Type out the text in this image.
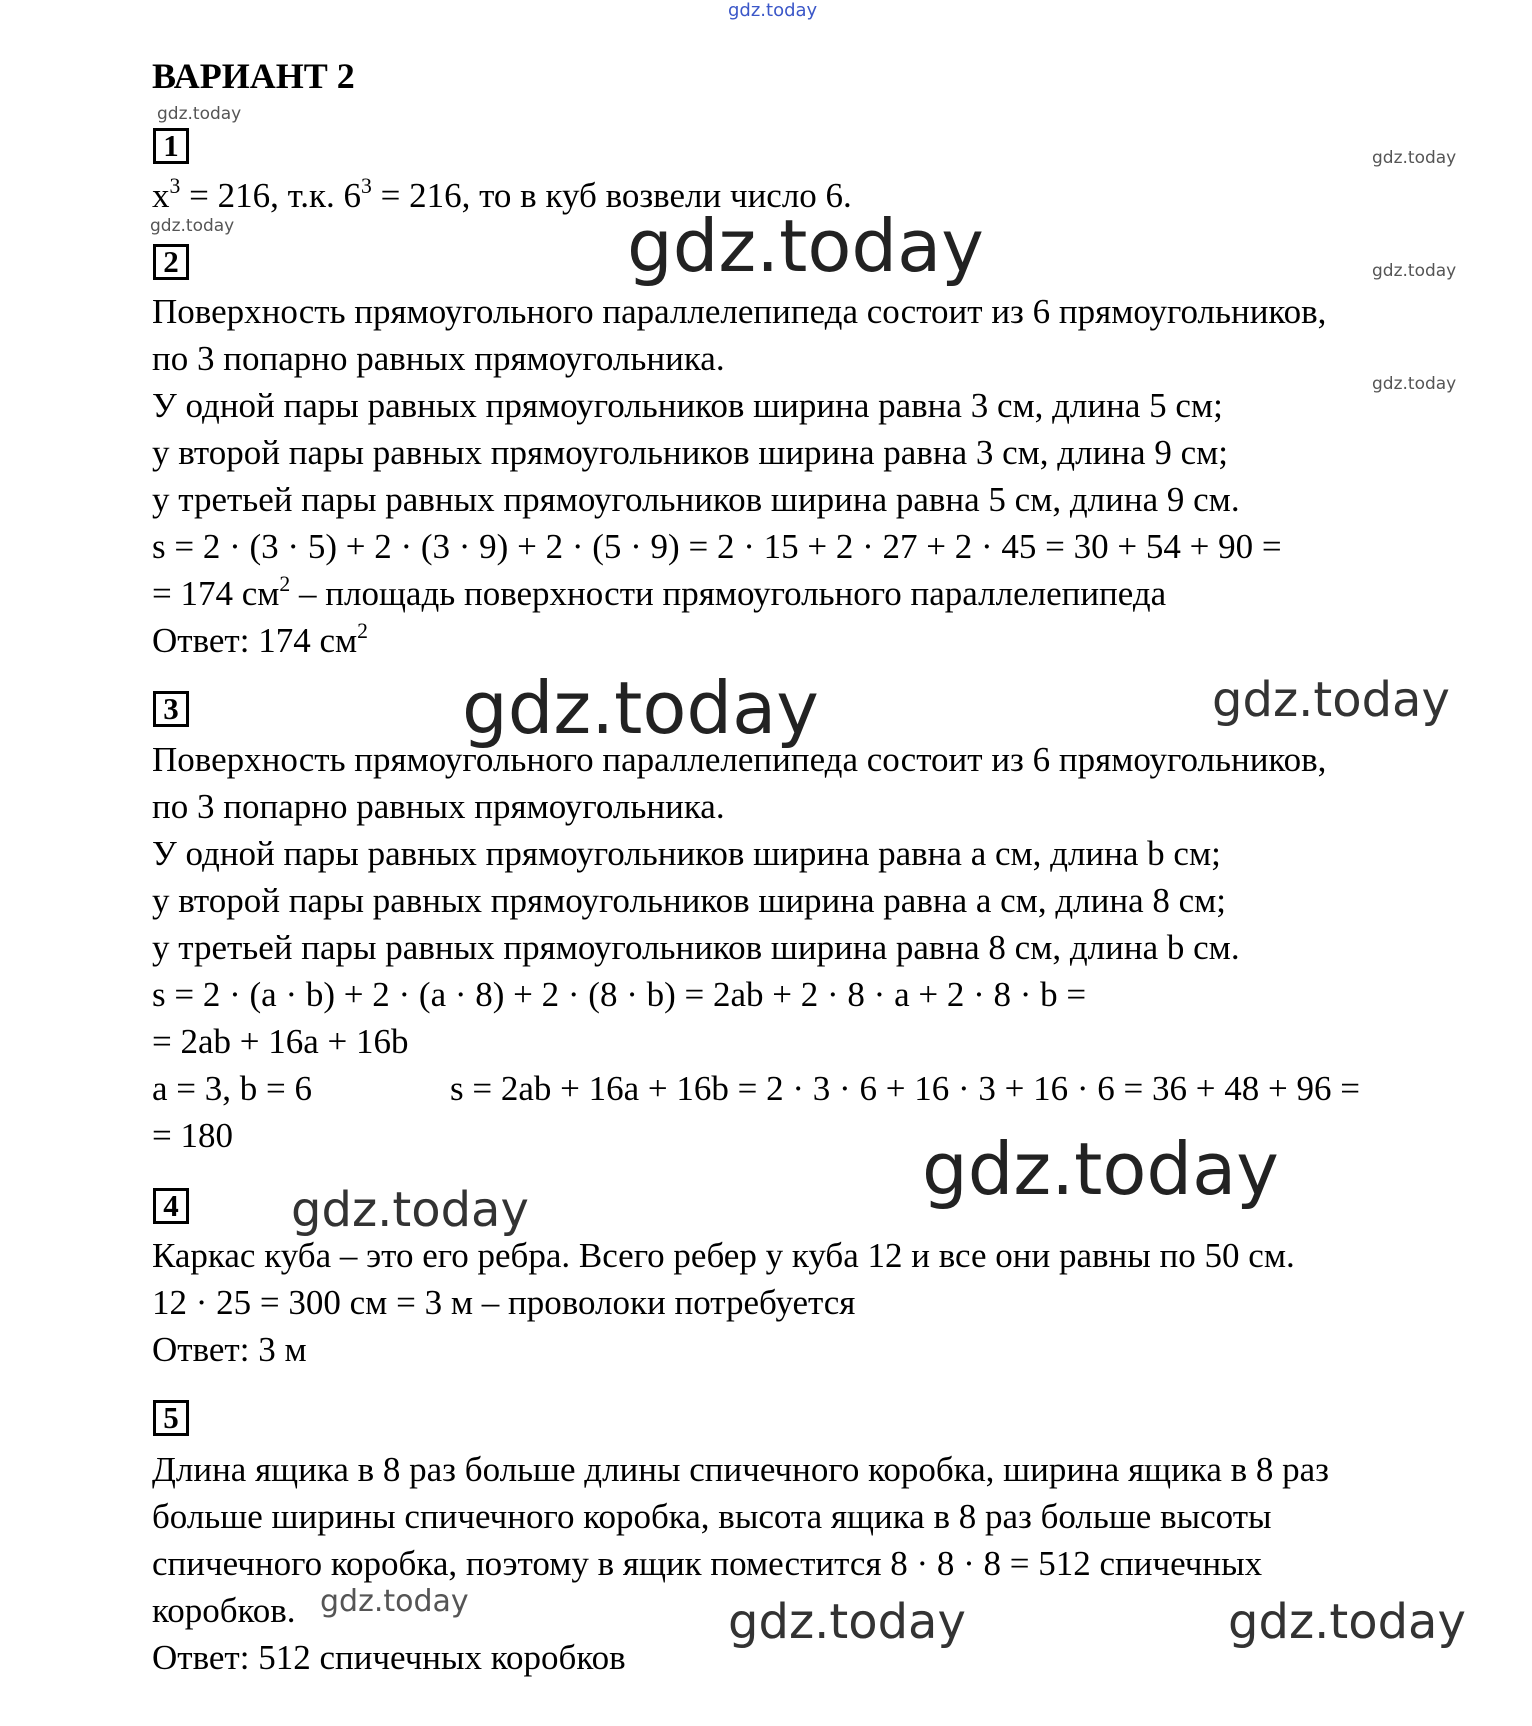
gdz.today
gdz.today
gdz.today
gdz.today
gdz.today
gdz.today
gdz.today
gdz.today	gdz.today
gdz.today
gdz.today
gdz.today	gdz.today	gdz.today
ВАРИАНТ 2
1
$x^3 = 216$, т.к. $6^3 = 216$, то в куб возвели число 6.
2
Поверхность прямоугольного параллелепипеда состоит из 6 прямоугольников,
по 3 попарно равных прямоугольника.
У одной пары равных прямоугольников ширина равна 3 см, длина 5 см;
у второй пары равных прямоугольников ширина равна 3 см, длина 9 см;
у третьей пары равных прямоугольников ширина равна 5 см, длина 9 см.
s = 2 · (3 · 5) + 2 · (3 · 9) + 2 · (5 · 9) = 2 · 15 + 2 · 27 + 2 · 45 = 30 + 54 + 90 =
= 174 $см^2$ – площадь поверхности прямоугольного параллелепипеда
Ответ: 174 $см^2$
3
Поверхность прямоугольного параллелепипеда состоит из 6 прямоугольников,
по 3 попарно равных прямоугольника.
У одной пары равных прямоугольников ширина равна a см, длина b см;
у второй пары равных прямоугольников ширина равна a см, длина 8 см;
у третьей пары равных прямоугольников ширина равна 8 см, длина b см.
s = 2 · (a · b) + 2 · (a · 8) + 2 · (8 · b) = 2ab + 2 · 8 · a + 2 · 8 · b =
= 2ab + 16a + 16b
a = 3, b = 6	s = 2ab + 16a + 16b = 2 · 3 · 6 + 16 · 3 + 16 · 6 = 36 + 48 + 96 =
= 180
4
Каркас куба – это его ребра. Всего ребер у куба 12 и все они равны по 50 см.
12 · 25 = 300 см = 3 м – проволоки потребуется
Ответ: 3 м
5
Длина ящика в 8 раз больше длины спичечного коробка, ширина ящика в 8 раз
больше ширины спичечного коробка, высота ящика в 8 раз больше высоты
спичечного коробка, поэтому в ящик поместится 8 · 8 · 8 = 512 спичечных
коробков.
Ответ: 512 спичечных коробков
